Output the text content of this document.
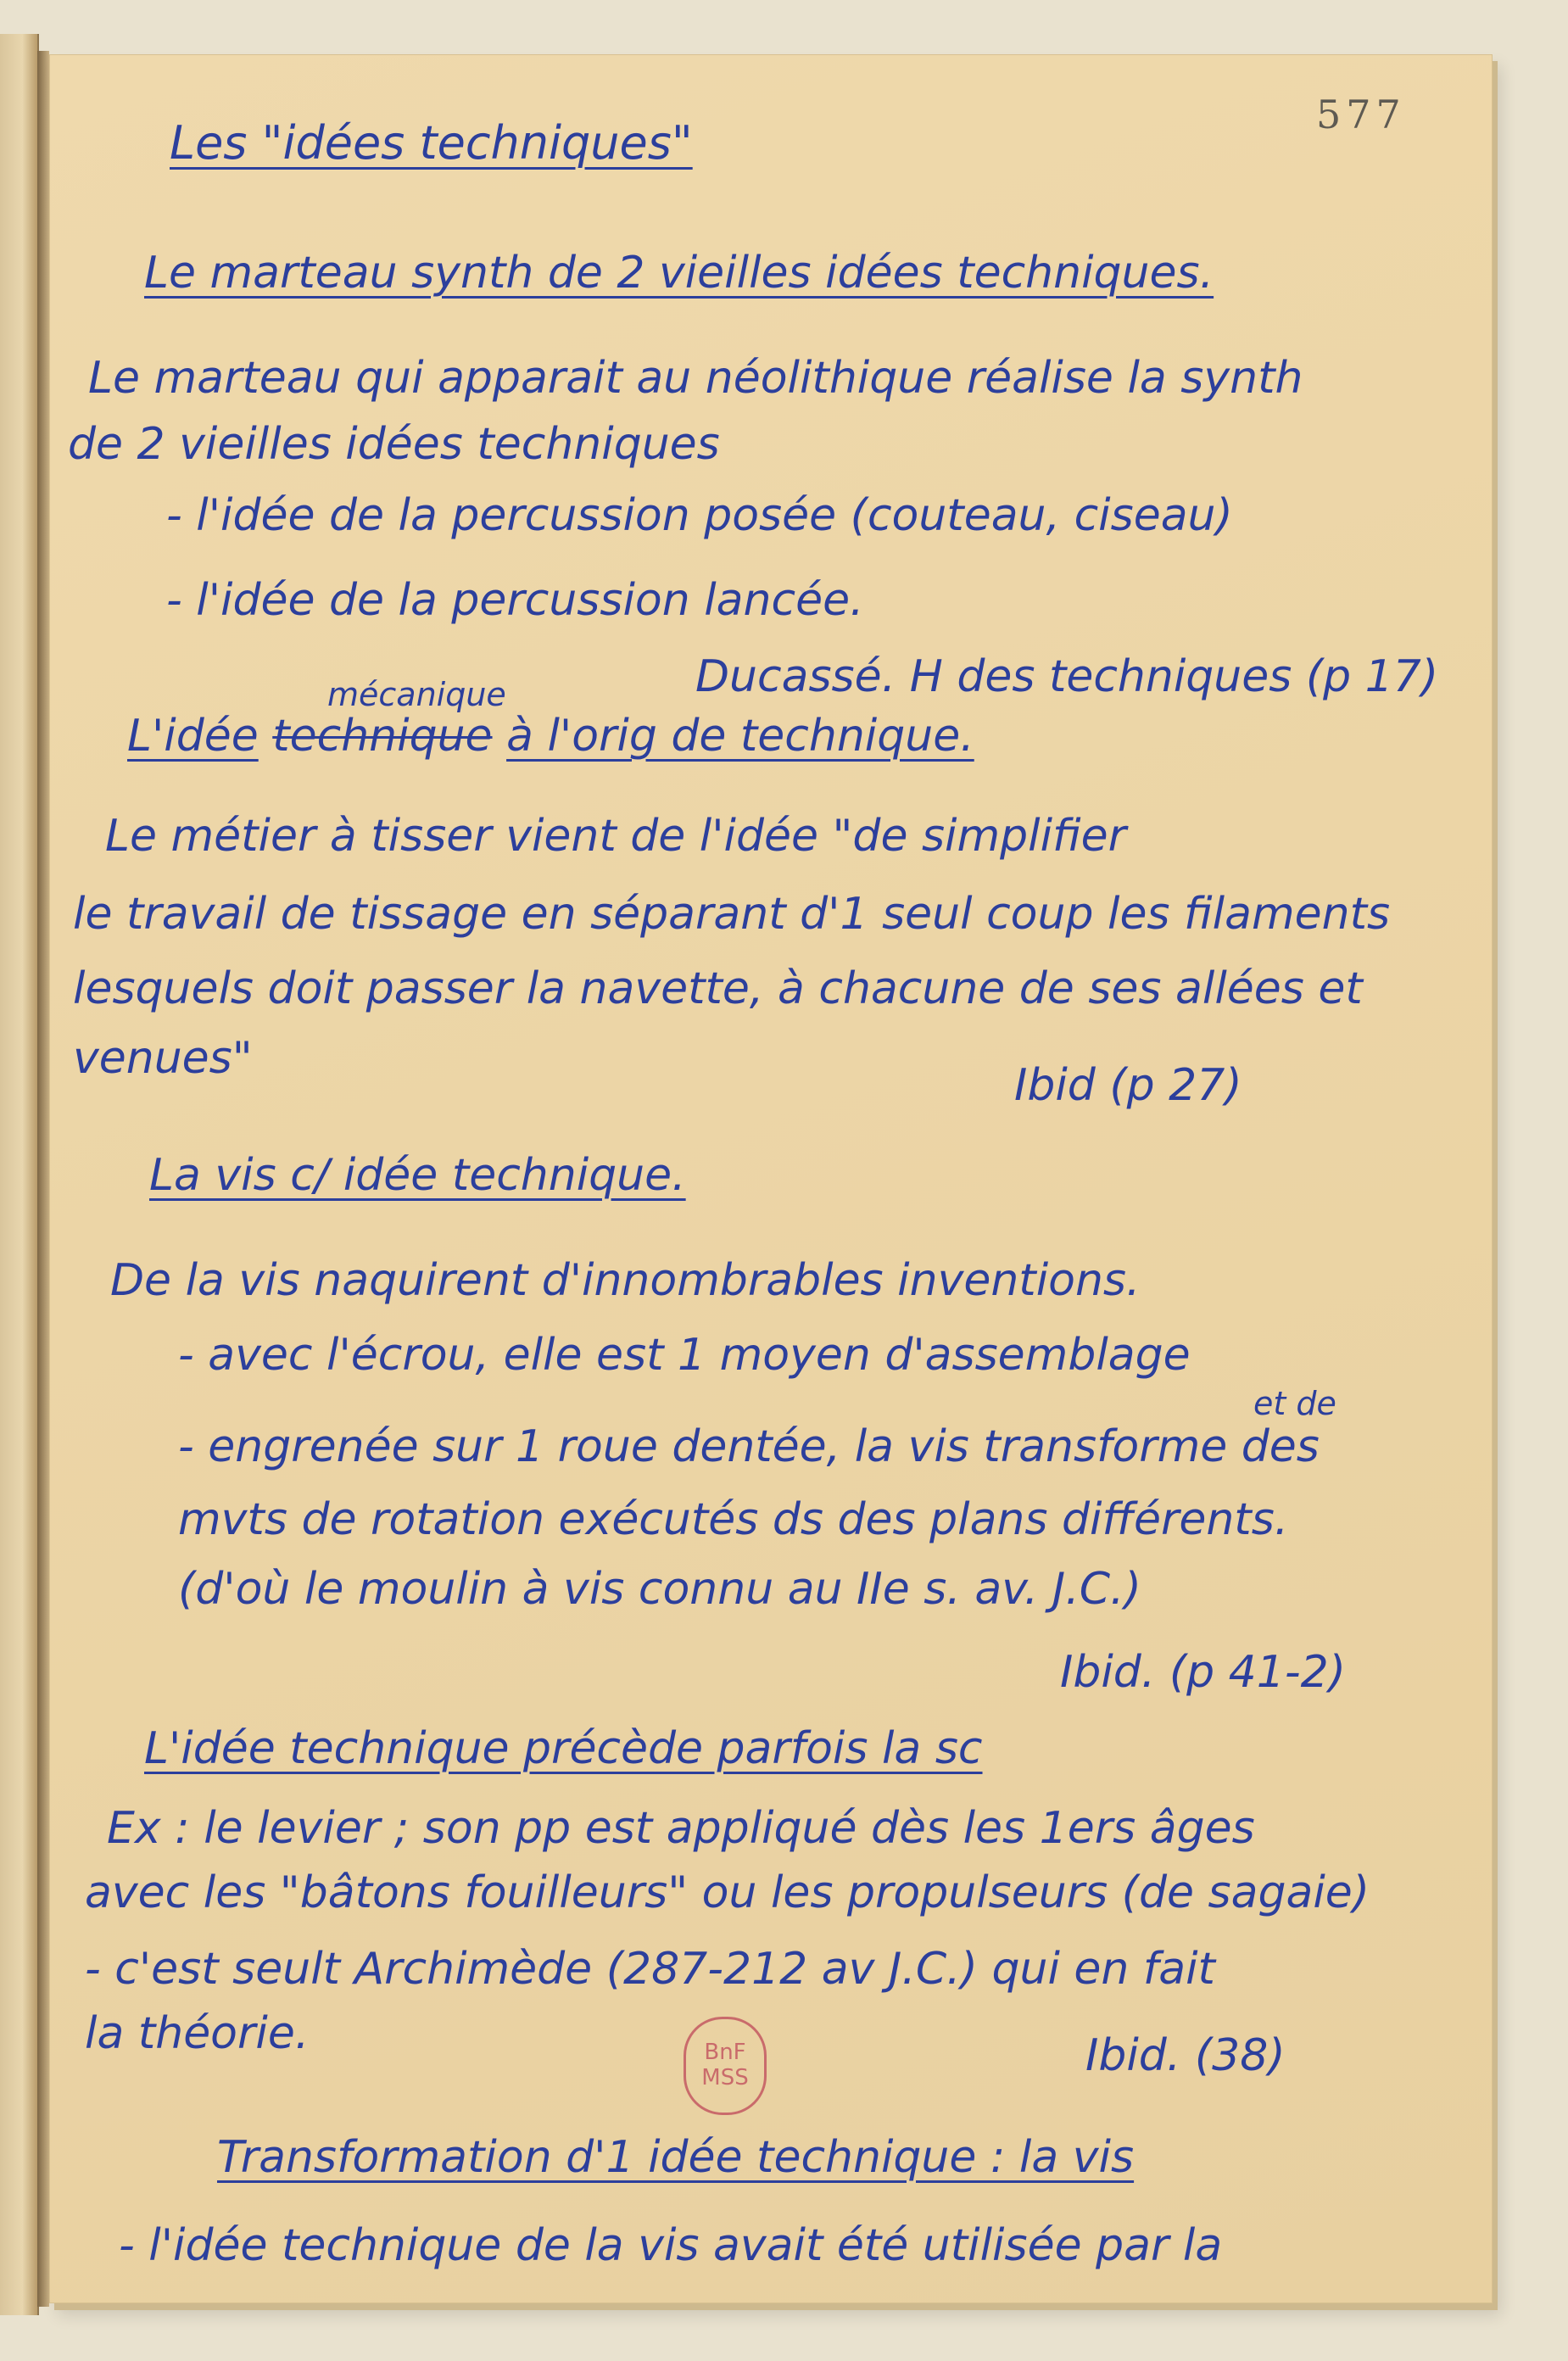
577

Les "idées techniques"

Le marteau synth de 2 vieilles idées techniques.

Le marteau qui apparait au néolithique réalise la synth

de 2 vieilles idées techniques

- l'idée de la percussion posée (couteau, ciseau)

- l'idée de la percussion lancée.

Ducassé. H des techniques (p 17)

mécanique

L'idée technique à l'orig de technique.

Le métier à tisser vient de l'idée "de simplifier

le travail de tissage en séparant d'1 seul coup les filaments

lesquels doit passer la navette, à chacune de ses allées et

venues"

Ibid (p 27)

La vis c/ idée technique.

De la vis naquirent d'innombrables inventions.

- avec l'écrou, elle est 1 moyen d'assemblage

et de

- engrenée sur 1 roue dentée, la vis transforme des

mvts de rotation exécutés ds des plans différents.

(d'où le moulin à vis connu au IIe s. av. J.C.)

Ibid. (p 41-2)

L'idée technique précède parfois la sc

Ex : le levier ; son pp est appliqué dès les 1ers âges

avec les "bâtons fouilleurs" ou les propulseurs (de sagaie)

- c'est seult Archimède (287-212 av J.C.) qui en fait

la théorie.	Ibid. (38)

BnF
MSS

Transformation d'1 idée technique : la vis

- l'idée technique de la vis avait été utilisée par la
